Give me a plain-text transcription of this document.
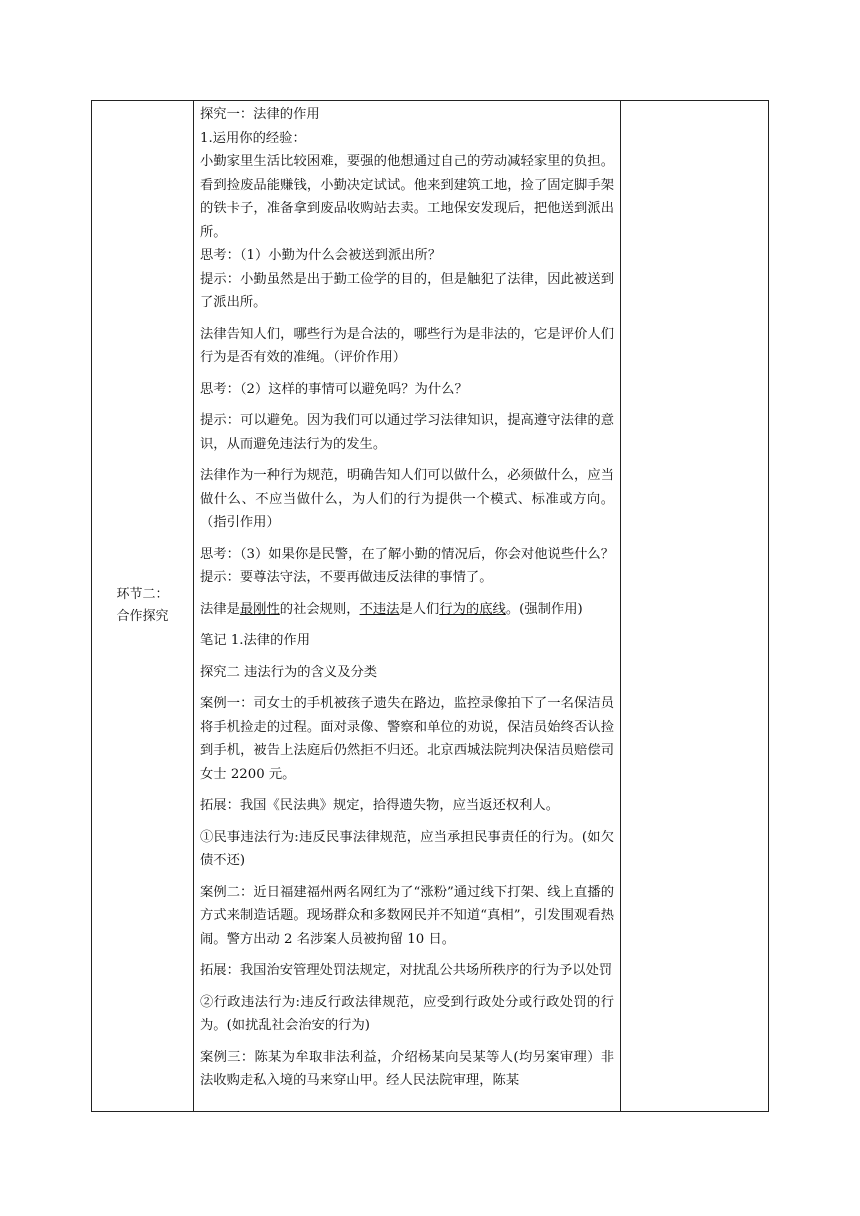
环节二：
合作探究

探究一：法律的作用

1.运用你的经验：

小勤家里生活比较困难，要强的他想通过自己的劳动减轻家里的负担。看到捡废品能赚钱，小勤决定试试。他来到建筑工地，捡了固定脚手架的铁卡子，准备拿到废品收购站去卖。工地保安发现后，把他送到派出所。

思考：（1）小勤为什么会被送到派出所？

提示：小勤虽然是出于勤工俭学的目的，但是触犯了法律，因此被送到了派出所。

法律告知人们，哪些行为是合法的，哪些行为是非法的，它是评价人们行为是否有效的准绳。（评价作用）

思考：（2）这样的事情可以避免吗？为什么？

提示：可以避免。因为我们可以通过学习法律知识，提高遵守法律的意识，从而避免违法行为的发生。

法律作为一种行为规范，明确告知人们可以做什么，必须做什么，应当做什么、不应当做什么，为人们的行为提供一个模式、标准或方向。（指引作用）

思考：（3）如果你是民警，在了解小勤的情况后，你会对他说些什么？提示：要尊法守法，不要再做违反法律的事情了。

法律是最刚性的社会规则，不违法是人们行为的底线。(强制作用)

笔记 1.法律的作用

探究二 违法行为的含义及分类

案例一：司女士的手机被孩子遗失在路边，监控录像拍下了一名保洁员将手机捡走的过程。面对录像、警察和单位的劝说，保洁员始终否认捡到手机，被告上法庭后仍然拒不归还。北京西城法院判决保洁员赔偿司女士 2200 元。

拓展：我国《民法典》规定，拾得遗失物，应当返还权利人。

①民事违法行为:违反民事法律规范，应当承担民事责任的行为。(如欠债不还)

案例二：近日福建福州两名网红为了“涨粉”通过线下打架、线上直播的方式来制造话题。现场群众和多数网民并不知道“真相”，引发围观看热闹。警方出动 2 名涉案人员被拘留 10 日。

拓展：我国治安管理处罚法规定，对扰乱公共场所秩序的行为予以处罚

②行政违法行为:违反行政法律规范，应受到行政处分或行政处罚的行为。(如扰乱社会治安的行为)

案例三：陈某为牟取非法利益，介绍杨某向吴某等人(均另案审理）非法收购走私入境的马来穿山甲。经人民法院审理，陈某
